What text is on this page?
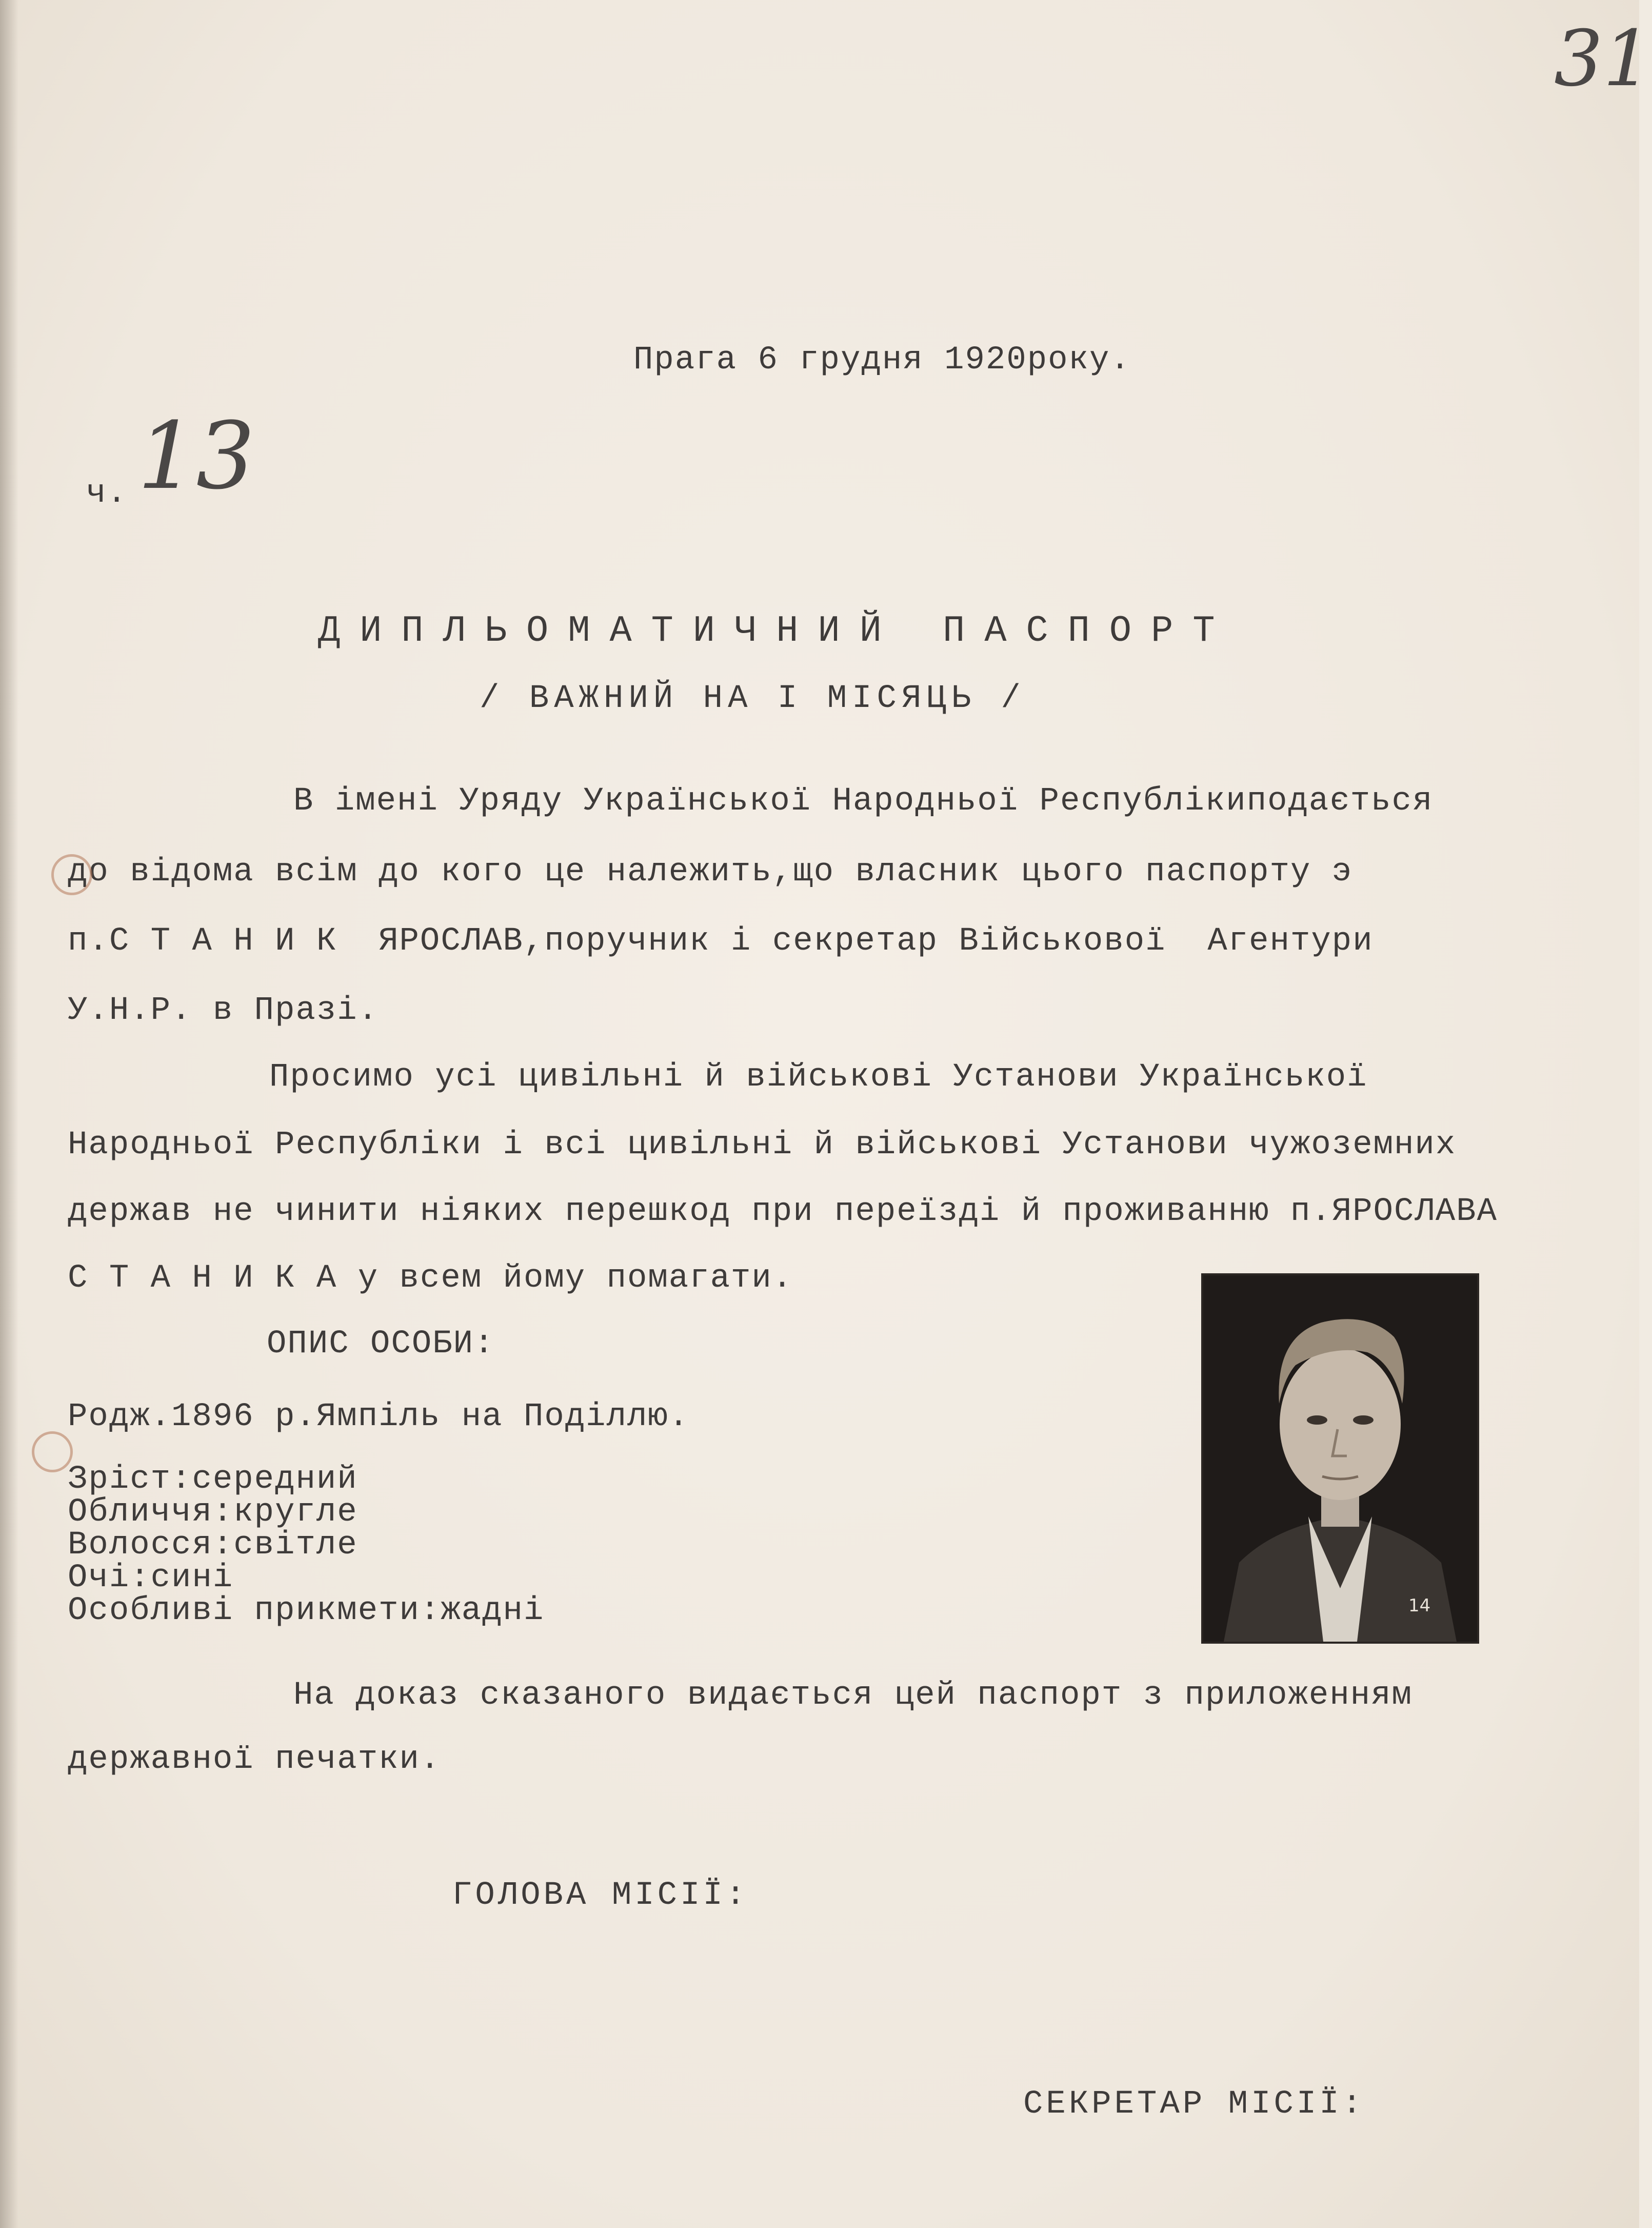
31
Прага 6 грудня 1920року.
ч. 13
ДИПЛЬОМАТИЧНИЙ ПАСПОРТ
/ ВАЖНИЙ НА І МІСЯЦЬ /
В імені Уряду Української Народньої Республікиподається
до відома всім до кого це належить,що власник цього паспорту э
п.С Т А Н И К  ЯРОСЛАВ,поручник і секретар Військової  Агентури
У.Н.Р. в Празі.
Просимо усі цивільні й військові Установи Української
Народньої Республіки і всі цивільні й військові Установи чужоземних
держав не чинити ніяких перешкод при переїзді й проживанню п.ЯРОСЛАВА
С Т А Н И К А у всем йому помагати.
ОПИС ОСОБИ:
Родж.1896 р.Ямпіль на Поділлю.
Зріст:середний
Обличчя:кругле
Волосся:світле
Очі:сині
Особливі прикмети:жадні	14
На доказ сказаного видається цей паспорт з приложенням
державної печатки.
ГОЛОВА МІСІЇ:
СЕКРЕТАР МІСІЇ:
